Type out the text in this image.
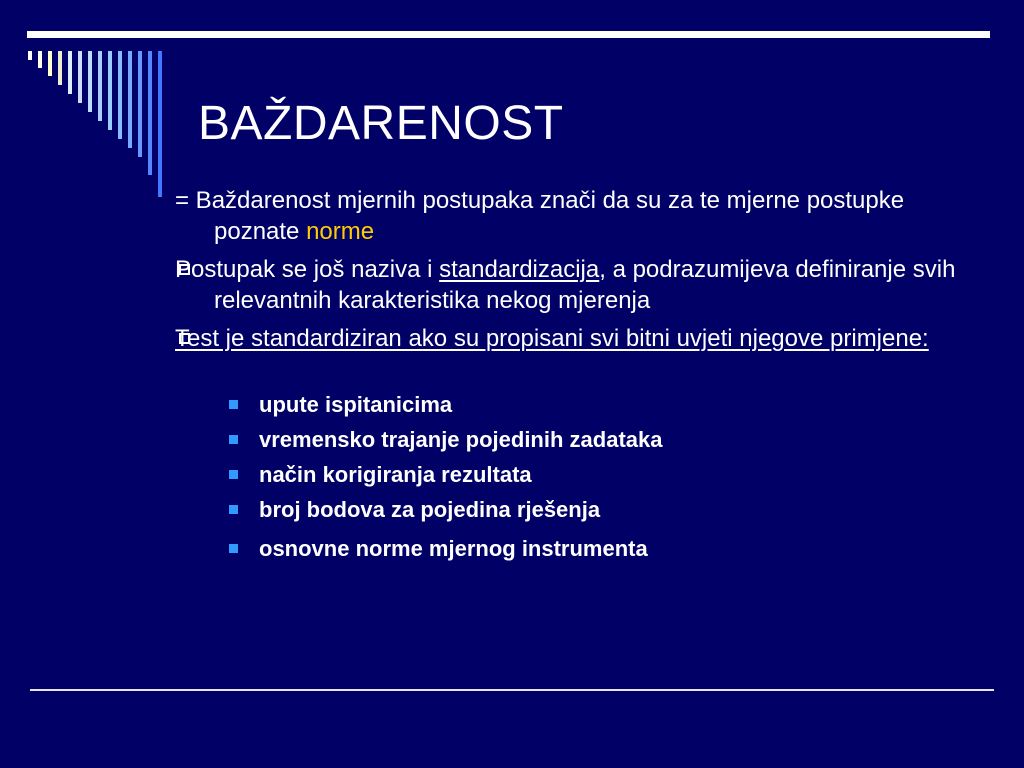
BAŽDARENOST

= Baždarenost mjernih postupaka znači da su za te mjerne postupke poznate norme

Postupak se još naziva i standardizacija, a podrazumijeva definiranje svih relevantnih karakteristika nekog mjerenja

Test je standardiziran ako su propisani svi bitni uvjeti njegove primjene:

upute ispitanicima
vremensko trajanje pojedinih zadataka
način korigiranja rezultata
broj bodova za pojedina rješenja
osnovne norme mjernog instrumenta
